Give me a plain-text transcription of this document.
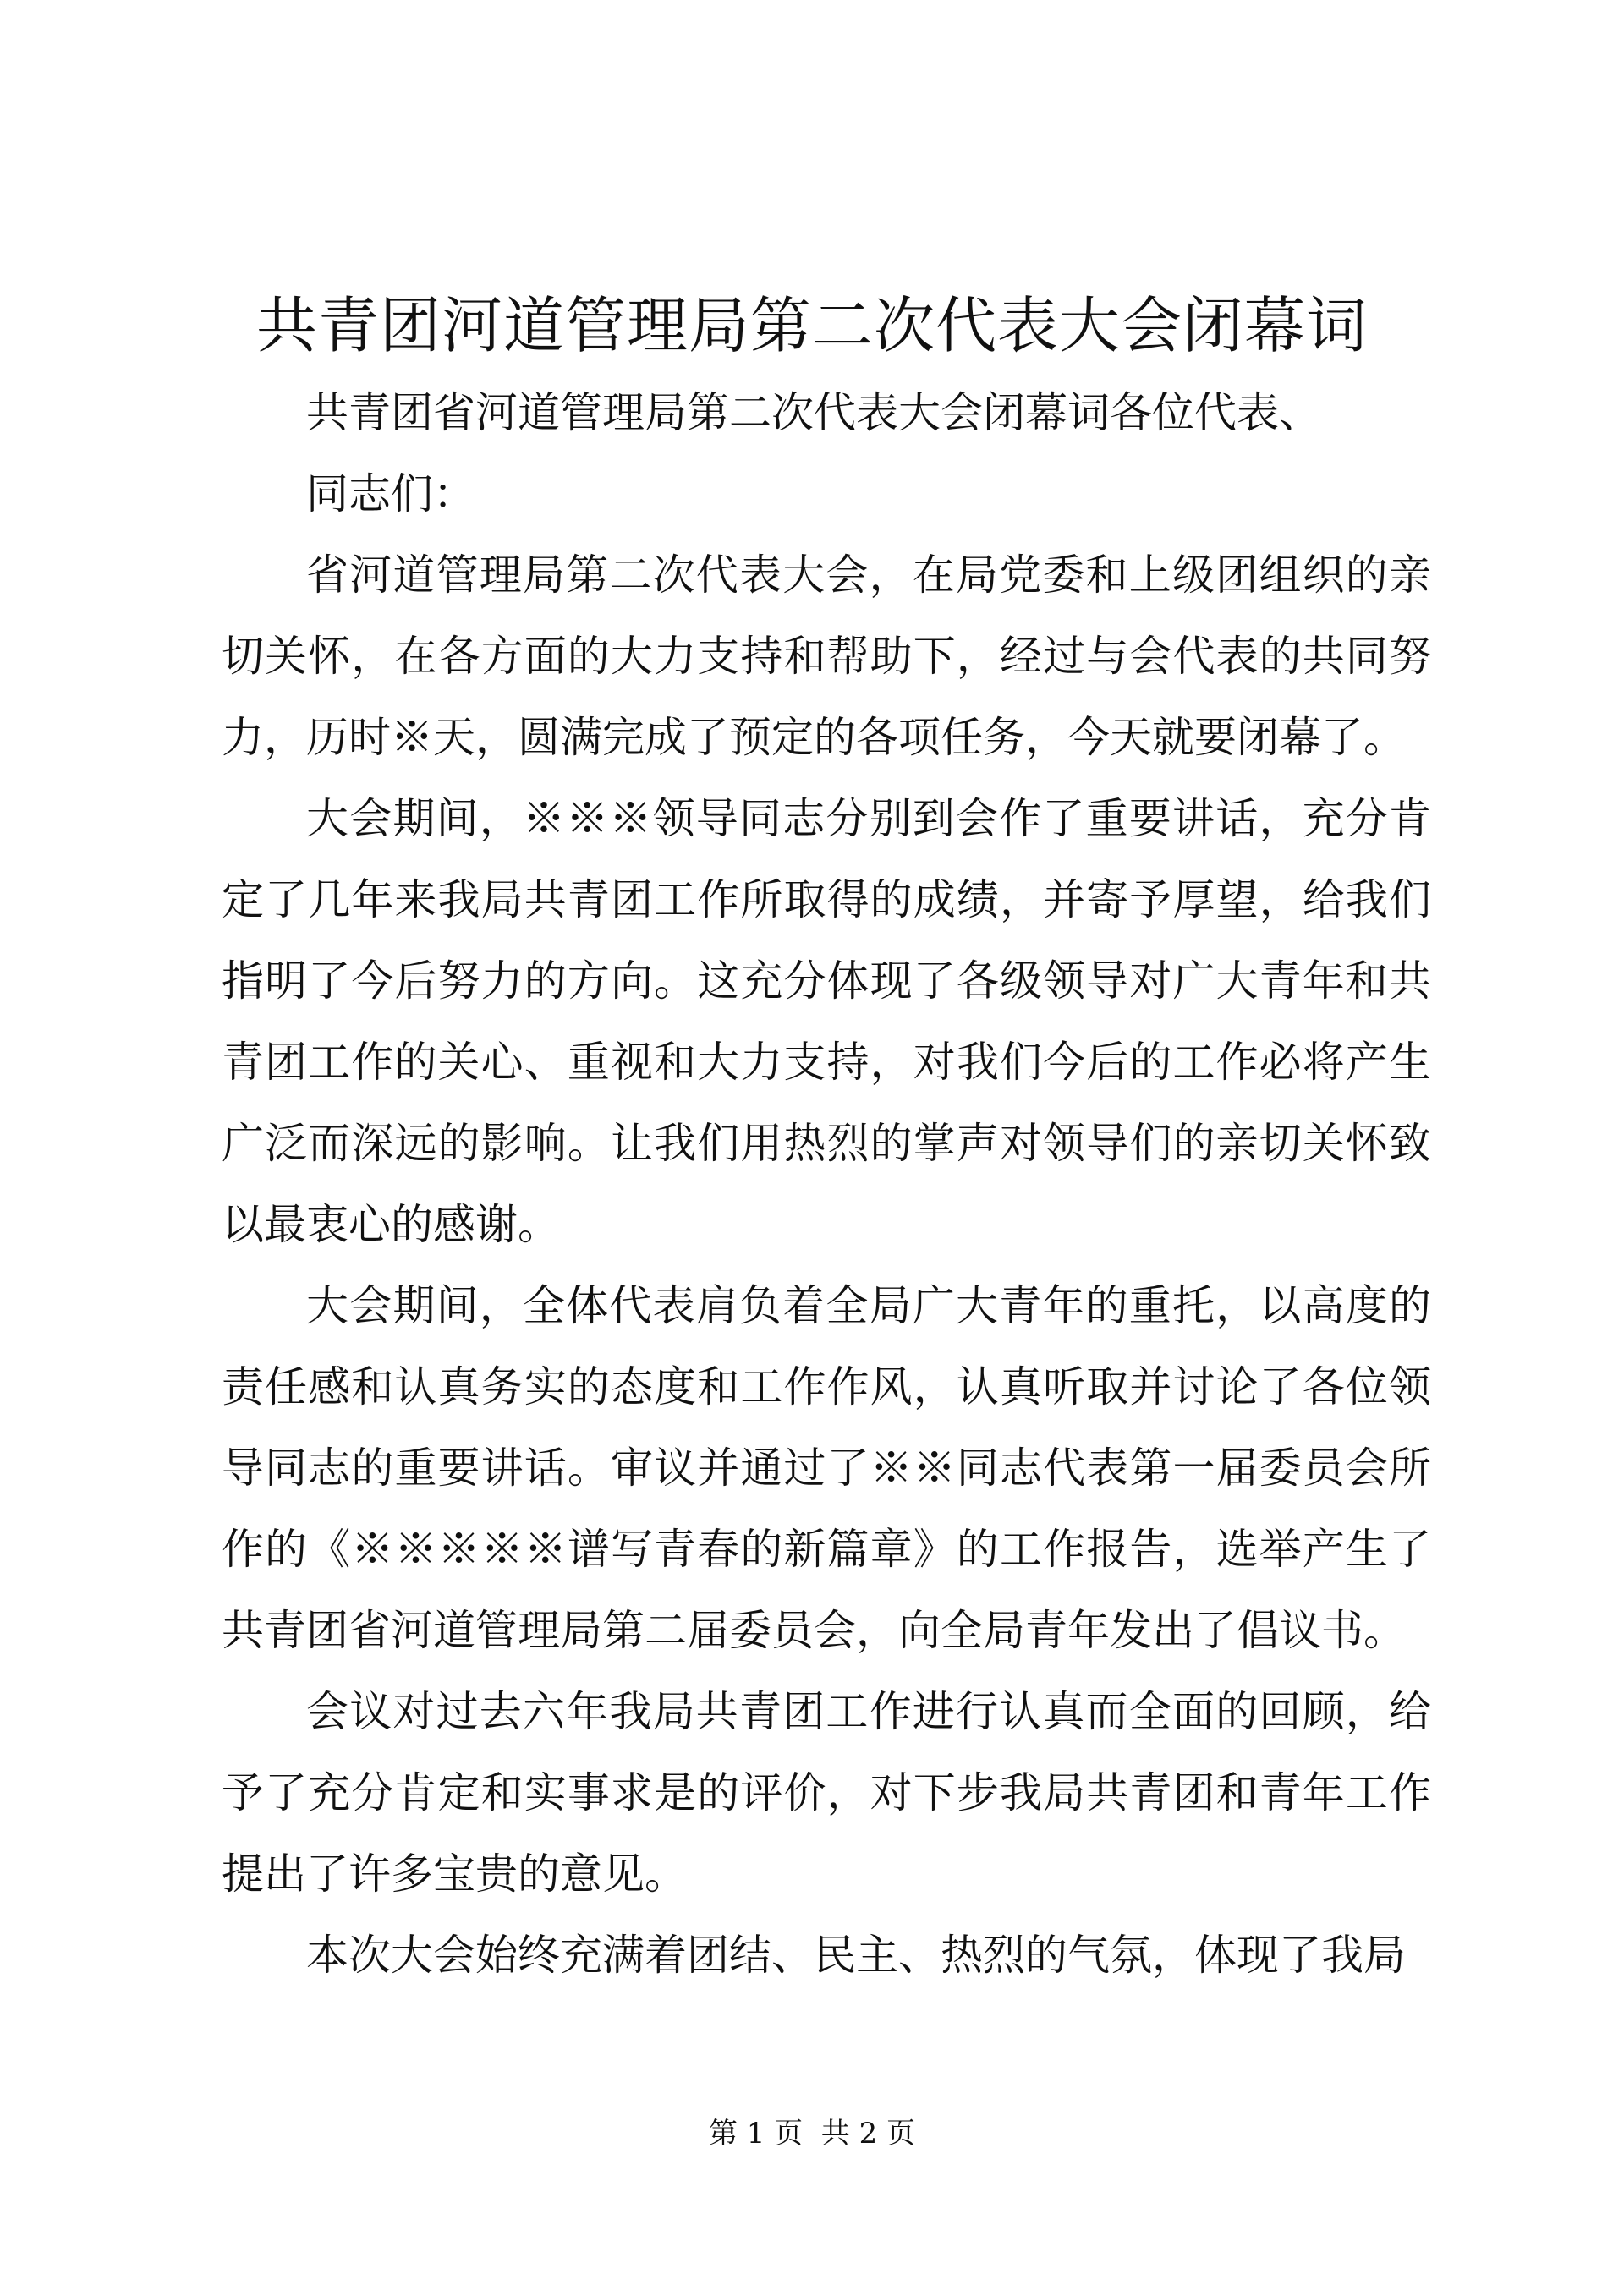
共青团河道管理局第二次代表大会闭幕词

共青团省河道管理局第二次代表大会闭幕词各位代表、

同志们：

省河道管理局第二次代表大会，在局党委和上级团组织的亲切关怀，在各方面的大力支持和帮助下，经过与会代表的共同努力，历时※天，圆满完成了预定的各项任务，今天就要闭幕了。

大会期间，※※※领导同志分别到会作了重要讲话，充分肯定了几年来我局共青团工作所取得的成绩，并寄予厚望，给我们指明了今后努力的方向。这充分体现了各级领导对广大青年和共青团工作的关心、重视和大力支持，对我们今后的工作必将产生广泛而深远的影响。让我们用热烈的掌声对领导们的亲切关怀致以最衷心的感谢。

大会期间，全体代表肩负着全局广大青年的重托，以高度的责任感和认真务实的态度和工作作风，认真听取并讨论了各位领导同志的重要讲话。审议并通过了※※同志代表第一届委员会所作的《※※※※※谱写青春的新篇章》的工作报告，选举产生了共青团省河道管理局第二届委员会，向全局青年发出了倡议书。

会议对过去六年我局共青团工作进行认真而全面的回顾，给予了充分肯定和实事求是的评价，对下步我局共青团和青年工作提出了许多宝贵的意见。

本次大会始终充满着团结、民主、热烈的气氛，体现了我局

第 1 页  共 2 页
